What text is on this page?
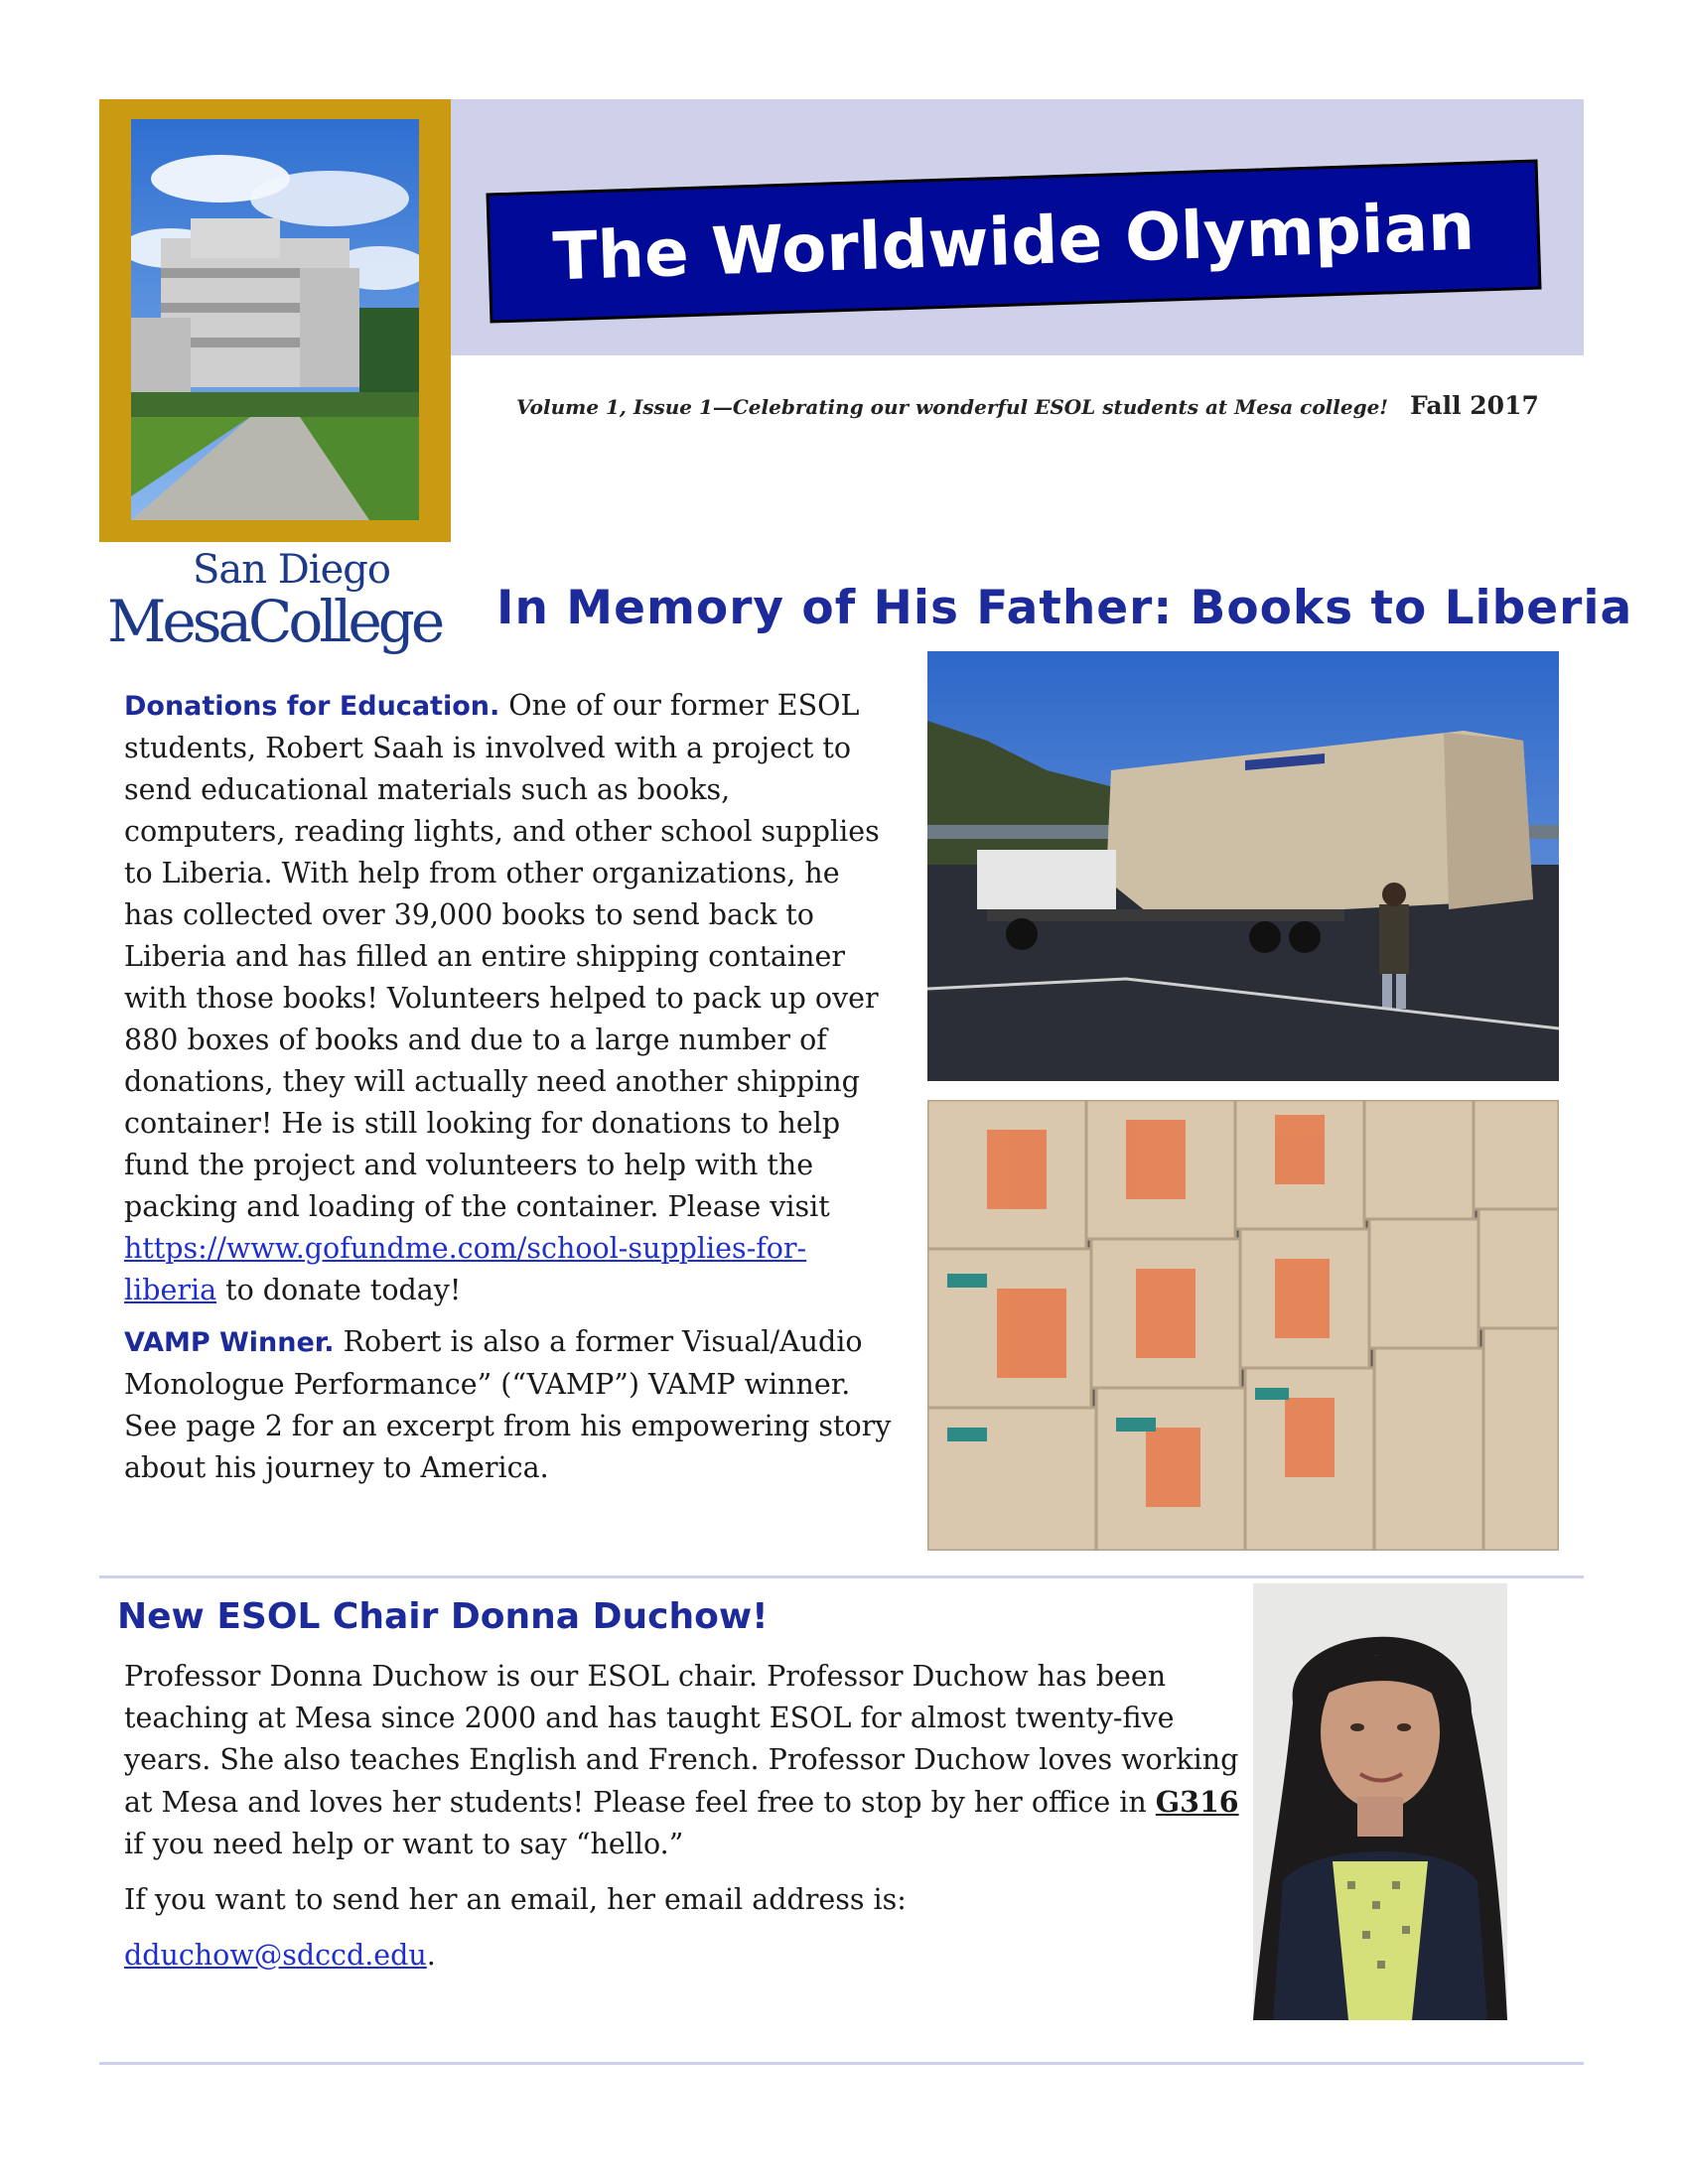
The Worldwide Olympian
Volume 1, Issue 1—Celebrating our wonderful ESOL students at Mesa college! Fall 2017
San Diego
MesaCollege In Memory of His Father: Books to Liberia

Donations for Education. One of our former ESOL students, Robert Saah is involved with a project to send educational materials such as books, computers, reading lights, and other school supplies to Liberia. With help from other organizations, he has collected over 39,000 books to send back to Liberia and has filled an entire shipping container with those books! Volunteers helped to pack up over 880 boxes of books and due to a large number of donations, they will actually need another shipping container! He is still looking for donations to help fund the project and volunteers to help with the packing and loading of the container. Please visit https://www.gofundme.com/school-supplies-for-liberia to donate today!

VAMP Winner. Robert is also a former Visual/Audio Monologue Performance” (“VAMP”) VAMP winner. See page 2 for an excerpt from his empowering story about his journey to America.

New ESOL Chair Donna Duchow!

Professor Donna Duchow is our ESOL chair. Professor Duchow has been teaching at Mesa since 2000 and has taught ESOL for almost twenty-five years. She also teaches English and French. Professor Duchow loves working at Mesa and loves her students! Please feel free to stop by her office in G316 if you need help or want to say “hello.”

If you want to send her an email, her email address is:

dduchow@sdccd.edu.
